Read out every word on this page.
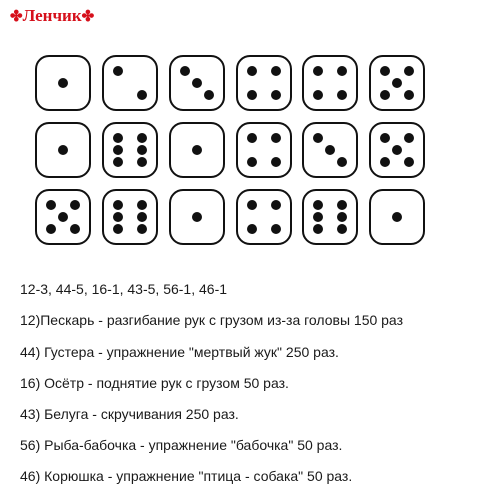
✤Ленчик✤
12-3, 44-5, 16-1, 43-5, 56-1, 46-1
12)Пескарь - разгибание рук с грузом из-за головы 150 раз
44) Густера - упражнение "мертвый жук" 250 раз.
16) Осётр - поднятие рук с грузом 50 раз.
43) Белуга - скручивания 250 раз.
56) Рыба-бабочка - упражнение "бабочка" 50 раз.
46) Корюшка - упражнение "птица - собака" 50 раз.
